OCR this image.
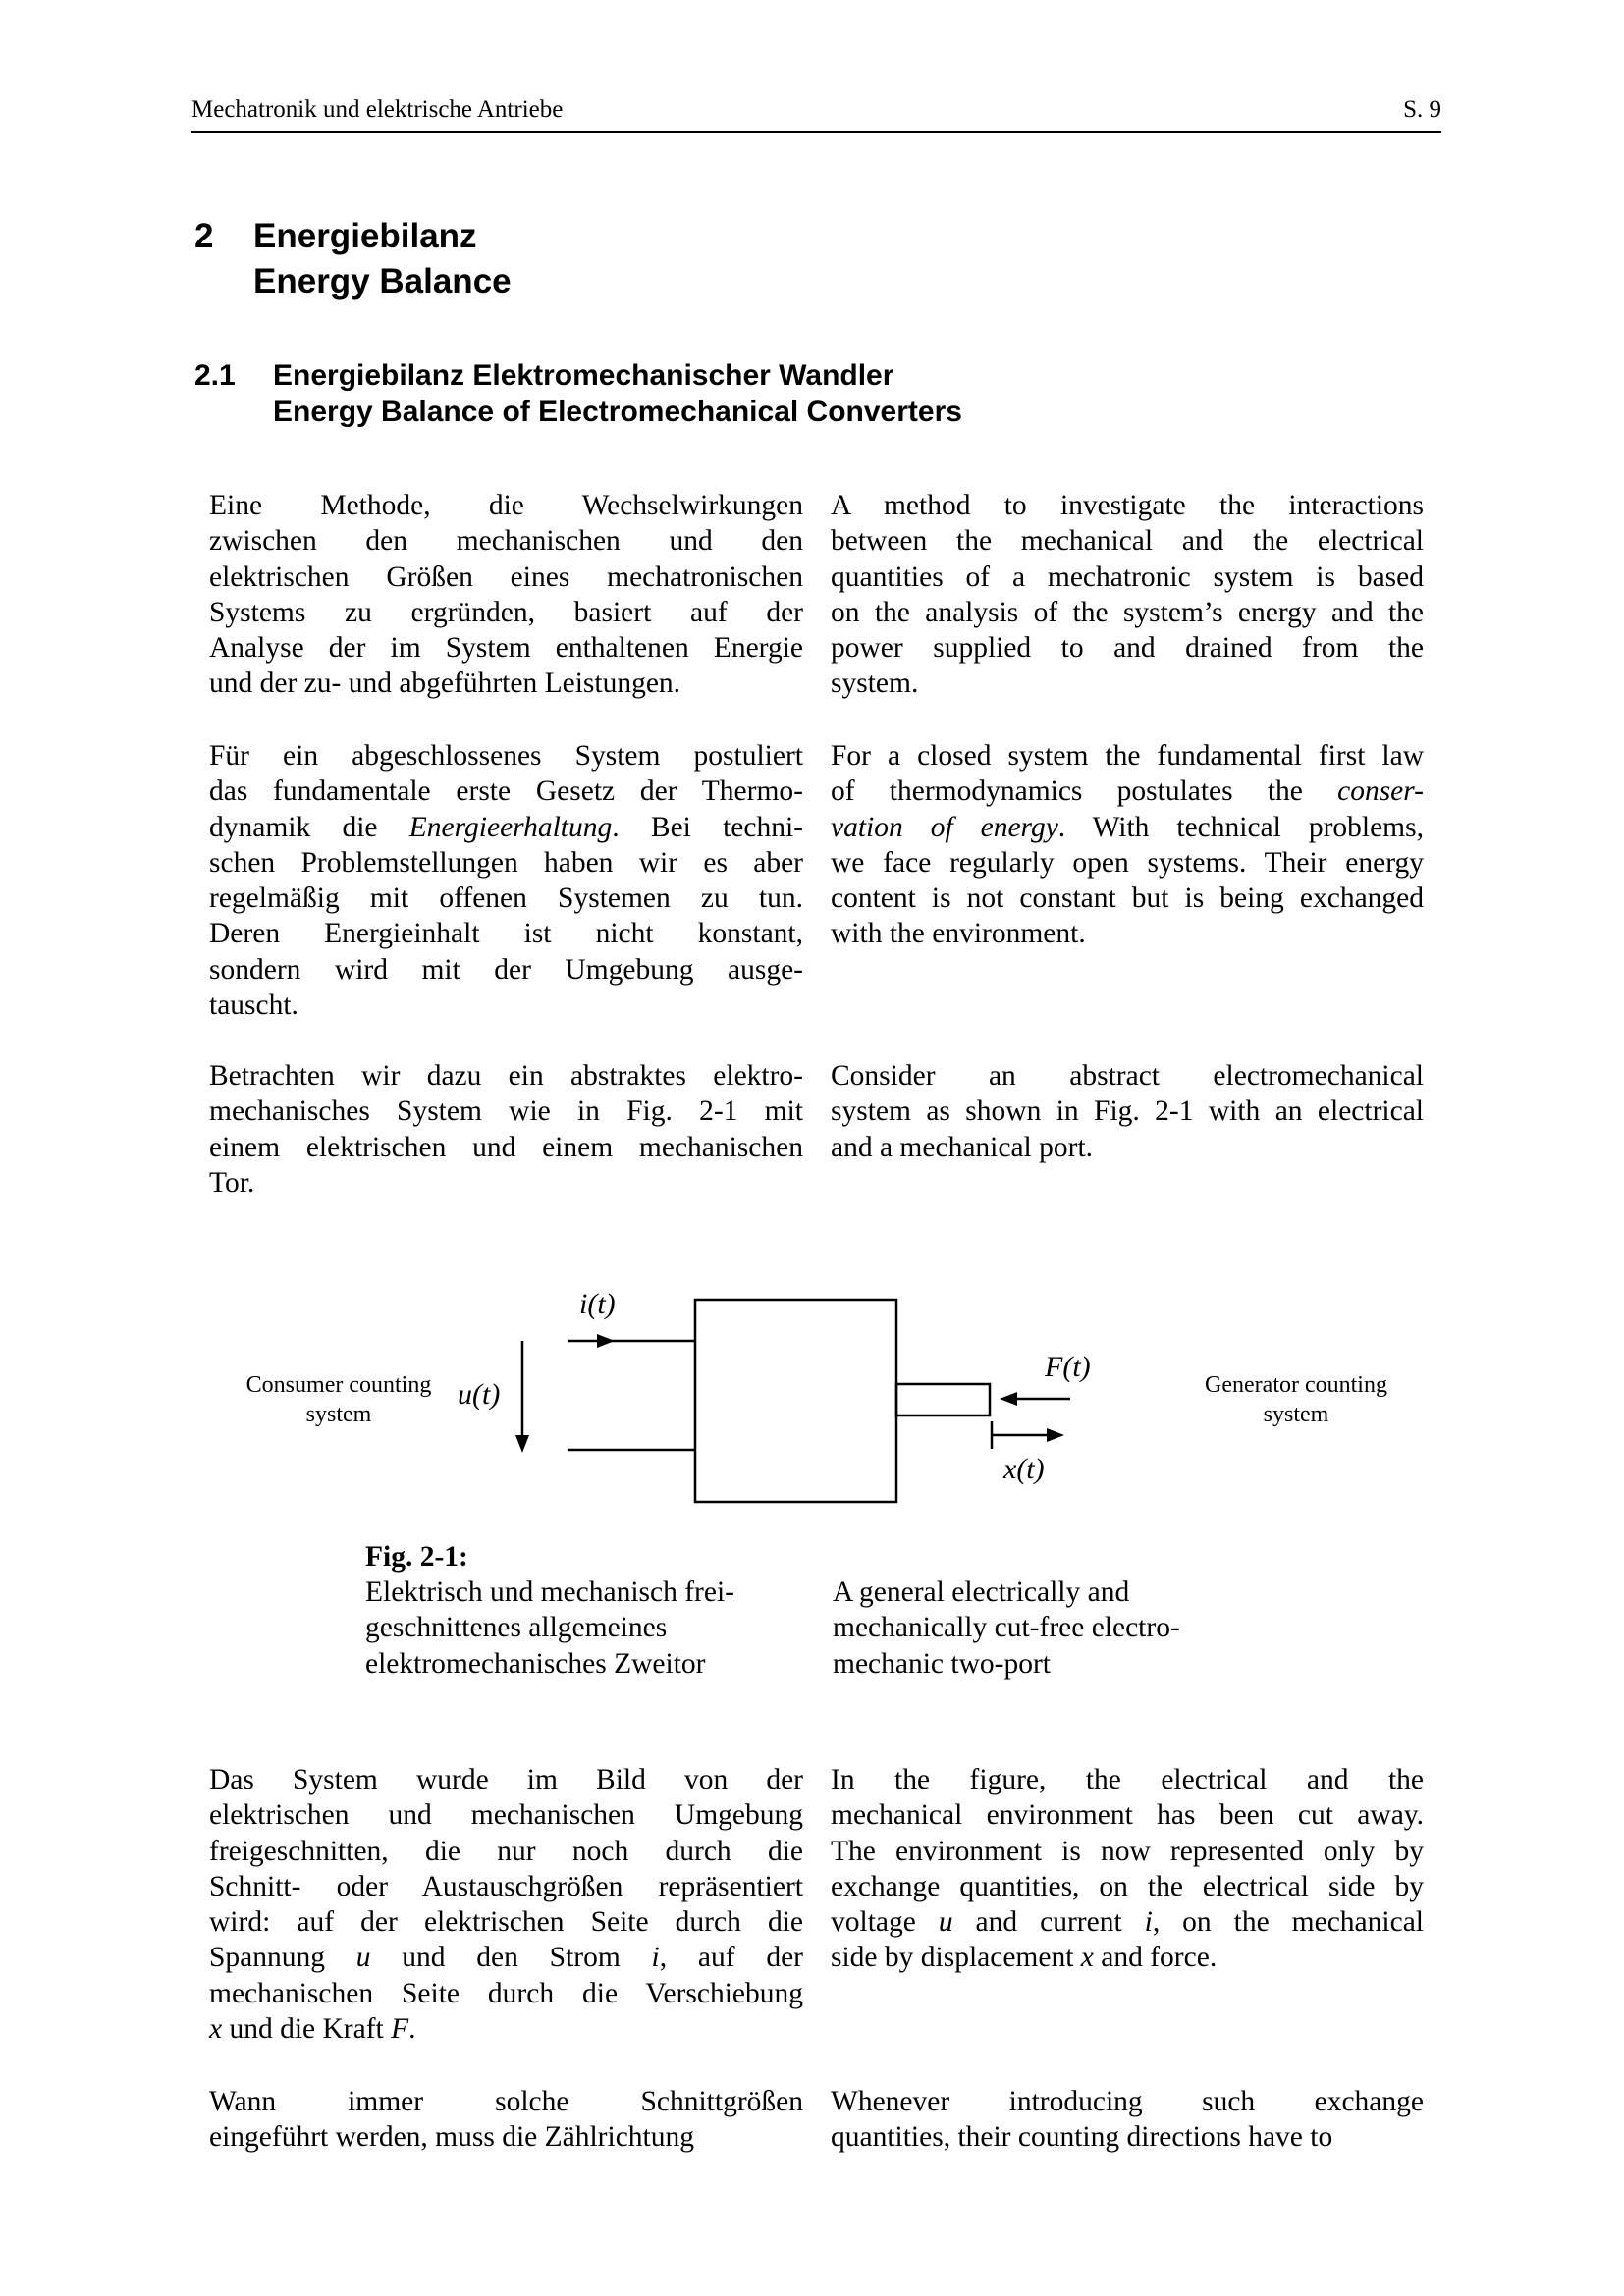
Mechatronik und elektrische Antriebe	S. 9
2 Energiebilanz
Energy Balance
2.1 Energiebilanz Elektromechanischer Wandler
Energy Balance of Electromechanical Converters
Eine Methode, die Wechselwirkungen
zwischen den mechanischen und den
elektrischen Größen eines mechatronischen
Systems zu ergründen, basiert auf der
Analyse der im System enthaltenen Energie
und der zu- und abgeführten Leistungen.
A method to investigate the interactions
between the mechanical and the electrical
quantities of a mechatronic system is based
on the analysis of the system’s energy and the
power supplied to and drained from the
system.
Für ein abgeschlossenes System postuliert
das fundamentale erste Gesetz der Thermo-
dynamik die Energieerhaltung. Bei techni-
schen Problemstellungen haben wir es aber
regelmäßig mit offenen Systemen zu tun.
Deren Energieinhalt ist nicht konstant,
sondern wird mit der Umgebung ausge-
tauscht.
For a closed system the fundamental first law
of thermodynamics postulates the conser-
vation of energy. With technical problems,
we face regularly open systems. Their energy
content is not constant but is being exchanged
with the environment.
Betrachten wir dazu ein abstraktes elektro-
mechanisches System wie in Fig. 2-1 mit
einem elektrischen und einem mechanischen
Tor.
Consider an abstract electromechanical
system as shown in Fig. 2-1 with an electrical
and a mechanical port.
Consumer counting
system
Generator counting
system
i(t)
u(t)
F(t)
x(t)
Fig. 2-1:
Elektrisch und mechanisch frei-
geschnittenes allgemeines
elektromechanisches Zweitor
A general electrically and
mechanically cut-free electro-
mechanic two-port
Das System wurde im Bild von der
elektrischen und mechanischen Umgebung
freigeschnitten, die nur noch durch die
Schnitt- oder Austauschgrößen repräsentiert
wird: auf der elektrischen Seite durch die
Spannung u und den Strom i, auf der
mechanischen Seite durch die Verschiebung
x und die Kraft F.
In the figure, the electrical and the
mechanical environment has been cut away.
The environment is now represented only by
exchange quantities, on the electrical side by
voltage u and current i, on the mechanical
side by displacement x and force.
Wann immer solche Schnittgrößen
eingeführt werden, muss die Zählrichtung
Whenever introducing such exchange
quantities, their counting directions have to
